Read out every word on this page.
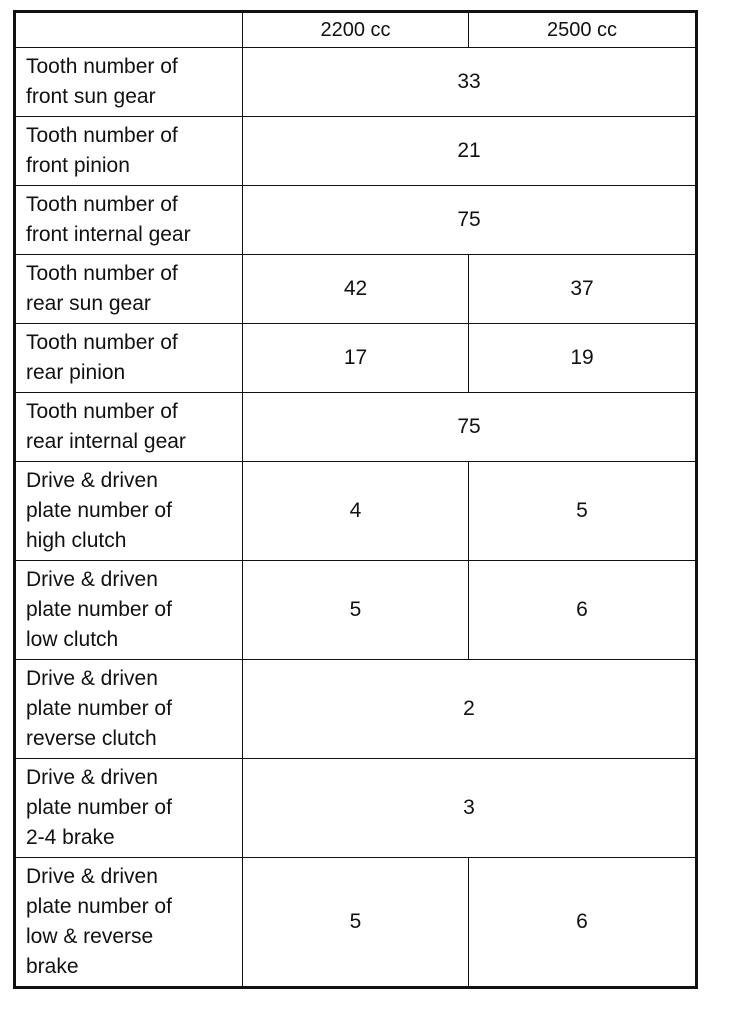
	2200 cc	2500 cc
Tooth number of
front sun gear	33	
Tooth number of
front pinion	21	
Tooth number of
front internal gear	75	
Tooth number of
rear sun gear	42	37
Tooth number of
rear pinion	17	19
Tooth number of
rear internal gear	75	
Drive & driven
plate number of
high clutch	4	5
Drive & driven
plate number of
low clutch	5	6
Drive & driven
plate number of
reverse clutch	2	
Drive & driven
plate number of
2-4 brake	3	
Drive & driven
plate number of
low & reverse
brake	5	6
